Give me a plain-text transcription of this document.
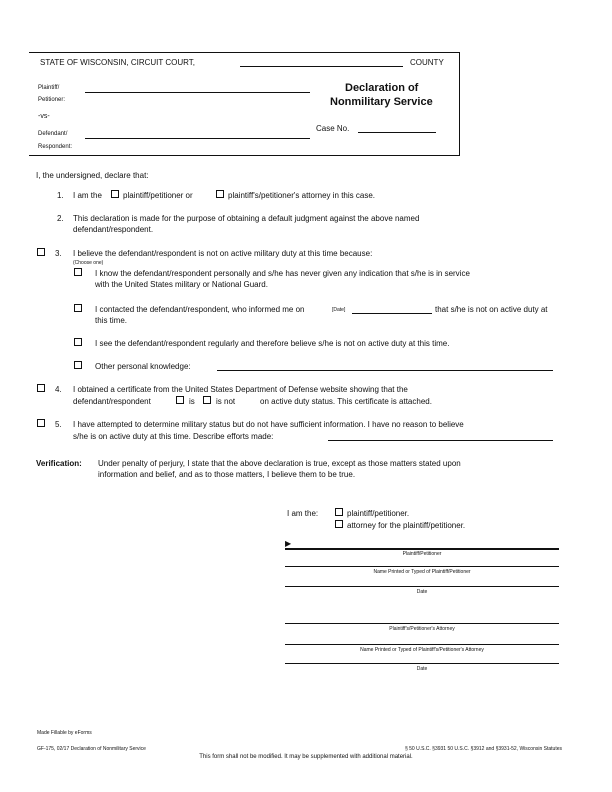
STATE OF WISCONSIN, CIRCUIT COURT,	COUNTY
Plaintiff/
Petitioner:
-vs-
Defendant/
Respondent:
Declaration of
Nonmilitary Service
Case No.
I, the undersigned, declare that:
1. I am the	plaintiff/petitioner or	plaintiff's/petitioner's attorney in this case.
2. This declaration is made for the purpose of obtaining a default judgment against the above named
defendant/respondent.
3. I believe the defendant/respondent is not on active military duty at this time because:
(Choose one)
I know the defendant/respondent personally and s/he has never given any indication that s/he is in service
with the United States military or National Guard.
I contacted the defendant/respondent, who informed me on	[Date]	that s/he is not on active duty at
this time.
I see the defendant/respondent regularly and therefore believe s/he is not on active duty at this time.
Other personal knowledge:
4. I obtained a certificate from the United States Department of Defense website showing that the
defendant/respondent	is	is not	on active duty status. This certificate is attached.
5. I have attempted to determine military status but do not have sufficient information. I have no reason to believe
s/he is on active duty at this time. Describe efforts made:
Verification: Under penalty of perjury, I state that the above declaration is true, except as those matters stated upon
information and belief, and as to those matters, I believe them to be true.
I am the:	plaintiff/petitioner.
attorney for the plaintiff/petitioner.
▶
Plaintiff/Petitioner
Name Printed or Typed of Plaintiff/Petitioner
Date
Plaintiff's/Petitioner's Attorney
Name Printed or Typed of Plaintiff's/Petitioner's Attorney
Date
Made Fillable by eForms
GF-175, 02/17 Declaration of Nonmilitary Service	§ 50 U.S.C. §3931 50 U.S.C. §3912 and §3931-52, Wisconsin Statutes
This form shall not be modified. It may be supplemented with additional material.
